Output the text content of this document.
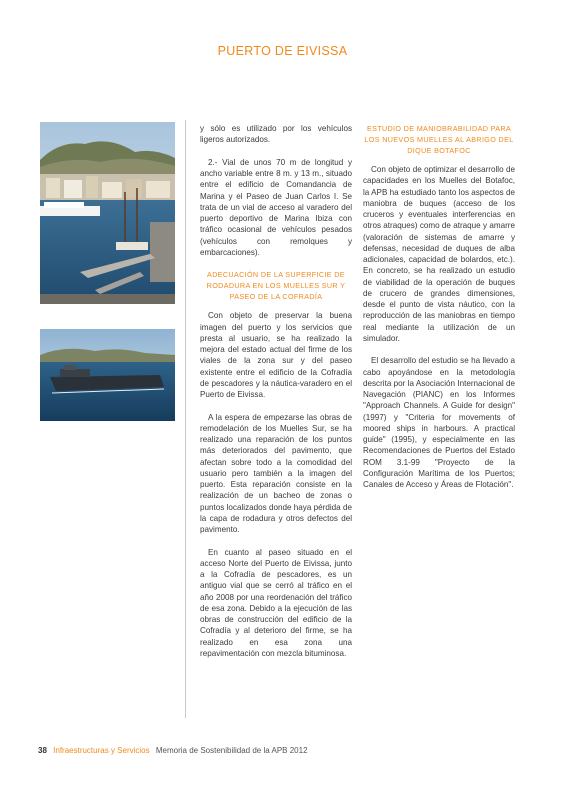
PUERTO DE EIVISSA

y sólo es utilizado por los vehículos ligeros autorizados.

2.- Vial de unos 70 m de longitud y ancho variable entre 8 m. y 13 m., situado entre el edificio de Comandancia de Marina y el Paseo de Juan Carlos I. Se trata de un vial de acceso al varadero del puerto deportivo de Marina Ibiza con tráfico ocasional de vehículos pesados (vehículos con remolques y embarcaciones).

ADECUACIÓN DE LA SUPERFICIE DE RODADURA EN LOS MUELLES SUR Y PASEO DE LA COFRADÍA

Con objeto de preservar la buena imagen del puerto y los servicios que presta al usuario, se ha realizado la mejora del estado actual del firme de los viales de la zona sur y del paseo existente entre el edificio de la Cofradía de pescadores y la náutica-varadero en el Puerto de Eivissa.

A la espera de empezarse las obras de remodelación de los Muelles Sur, se ha realizado una reparación de los puntos más deteriorados del pavimento, que afectan sobre todo a la comodidad del usuario pero también a la imagen del puerto. Esta reparación consiste en la realización de un bacheo de zonas o puntos localizados donde haya pérdida de la capa de rodadura y otros defectos del pavimento.

En cuanto al paseo situado en el acceso Norte del Puerto de Eivissa, junto a la Cofradía de pescadores, es un antiguo vial que se cerró al tráfico en el año 2008 por una reordenación del tráfico de esa zona. Debido a la ejecución de las obras de construcción del edificio de la Cofradía y al deterioro del firme, se ha realizado en esa zona una repavimentación con mezcla bituminosa.

ESTUDIO DE MANIOBRABILIDAD PARA LOS NUEVOS MUELLES AL ABRIGO DEL DIQUE BOTAFOC

Con objeto de optimizar el desarrollo de capacidades en los Muelles del Botafoc, la APB ha estudiado tanto los aspectos de maniobra de buques (acceso de los cruceros y eventuales interferencias en otros atraques) como de atraque y amarre (valoración de sistemas de amarre y defensas, necesidad de duques de alba adicionales, capacidad de bolardos, etc.). En concreto, se ha realizado un estudio de viabilidad de la operación de buques de crucero de grandes dimensiones, desde el punto de vista náutico, con la reproducción de las maniobras en tiempo real mediante la utilización de un simulador.

El desarrollo del estudio se ha llevado a cabo apoyándose en la metodología descrita por la Asociación Internacional de Navegación (PIANC) en los Informes "Approach Channels. A Guide for design" (1997) y "Criteria for movements of moored ships in harbours. A practical guide" (1995), y especialmente en las Recomendaciones de Puertos del Estado ROM 3.1-99 "Proyecto de la Configuración Marítima de los Puertos; Canales de Acceso y Áreas de Flotación".

38 Infraestructuras y Servicios Memoria de Sostenibilidad de la APB 2012
